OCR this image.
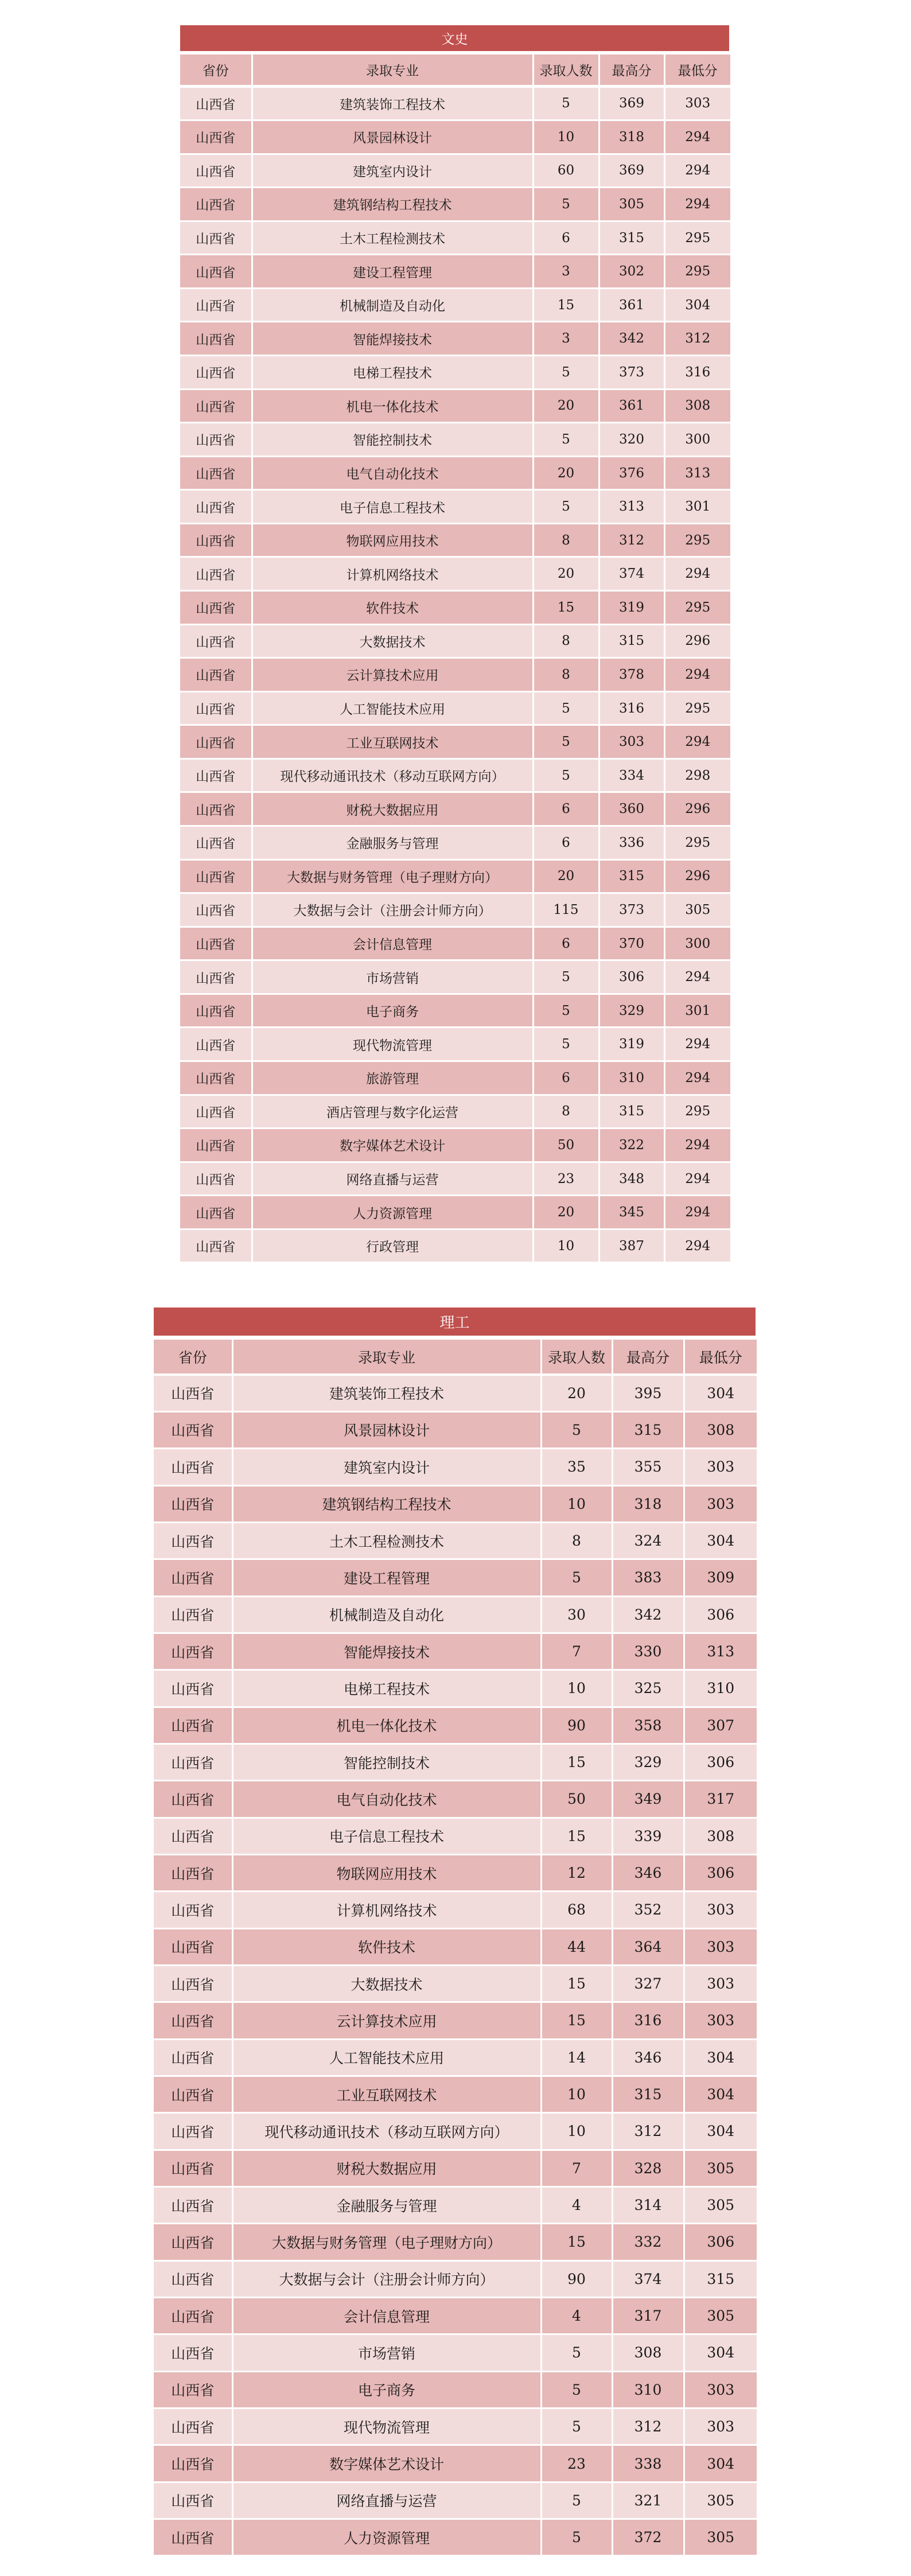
文史
省份	录取专业	录取人数	最高分	最低分
山西省	建筑装饰工程技术	5	369	303
山西省	风景园林设计	10	318	294
山西省	建筑室内设计	60	369	294
山西省	建筑钢结构工程技术	5	305	294
山西省	土木工程检测技术	6	315	295
山西省	建设工程管理	3	302	295
山西省	机械制造及自动化	15	361	304
山西省	智能焊接技术	3	342	312
山西省	电梯工程技术	5	373	316
山西省	机电一体化技术	20	361	308
山西省	智能控制技术	5	320	300
山西省	电气自动化技术	20	376	313
山西省	电子信息工程技术	5	313	301
山西省	物联网应用技术	8	312	295
山西省	计算机网络技术	20	374	294
山西省	软件技术	15	319	295
山西省	大数据技术	8	315	296
山西省	云计算技术应用	8	378	294
山西省	人工智能技术应用	5	316	295
山西省	工业互联网技术	5	303	294
山西省	现代移动通讯技术（移动互联网方向）	5	334	298
山西省	财税大数据应用	6	360	296
山西省	金融服务与管理	6	336	295
山西省	大数据与财务管理（电子理财方向）	20	315	296
山西省	大数据与会计（注册会计师方向）	115	373	305
山西省	会计信息管理	6	370	300
山西省	市场营销	5	306	294
山西省	电子商务	5	329	301
山西省	现代物流管理	5	319	294
山西省	旅游管理	6	310	294
山西省	酒店管理与数字化运营	8	315	295
山西省	数字媒体艺术设计	50	322	294
山西省	网络直播与运营	23	348	294
山西省	人力资源管理	20	345	294
山西省	行政管理	10	387	294
理工
省份	录取专业	录取人数	最高分	最低分
山西省	建筑装饰工程技术	20	395	304
山西省	风景园林设计	5	315	308
山西省	建筑室内设计	35	355	303
山西省	建筑钢结构工程技术	10	318	303
山西省	土木工程检测技术	8	324	304
山西省	建设工程管理	5	383	309
山西省	机械制造及自动化	30	342	306
山西省	智能焊接技术	7	330	313
山西省	电梯工程技术	10	325	310
山西省	机电一体化技术	90	358	307
山西省	智能控制技术	15	329	306
山西省	电气自动化技术	50	349	317
山西省	电子信息工程技术	15	339	308
山西省	物联网应用技术	12	346	306
山西省	计算机网络技术	68	352	303
山西省	软件技术	44	364	303
山西省	大数据技术	15	327	303
山西省	云计算技术应用	15	316	303
山西省	人工智能技术应用	14	346	304
山西省	工业互联网技术	10	315	304
山西省	现代移动通讯技术（移动互联网方向）	10	312	304
山西省	财税大数据应用	7	328	305
山西省	金融服务与管理	4	314	305
山西省	大数据与财务管理（电子理财方向）	15	332	306
山西省	大数据与会计（注册会计师方向）	90	374	315
山西省	会计信息管理	4	317	305
山西省	市场营销	5	308	304
山西省	电子商务	5	310	303
山西省	现代物流管理	5	312	303
山西省	数字媒体艺术设计	23	338	304
山西省	网络直播与运营	5	321	305
山西省	人力资源管理	5	372	305
